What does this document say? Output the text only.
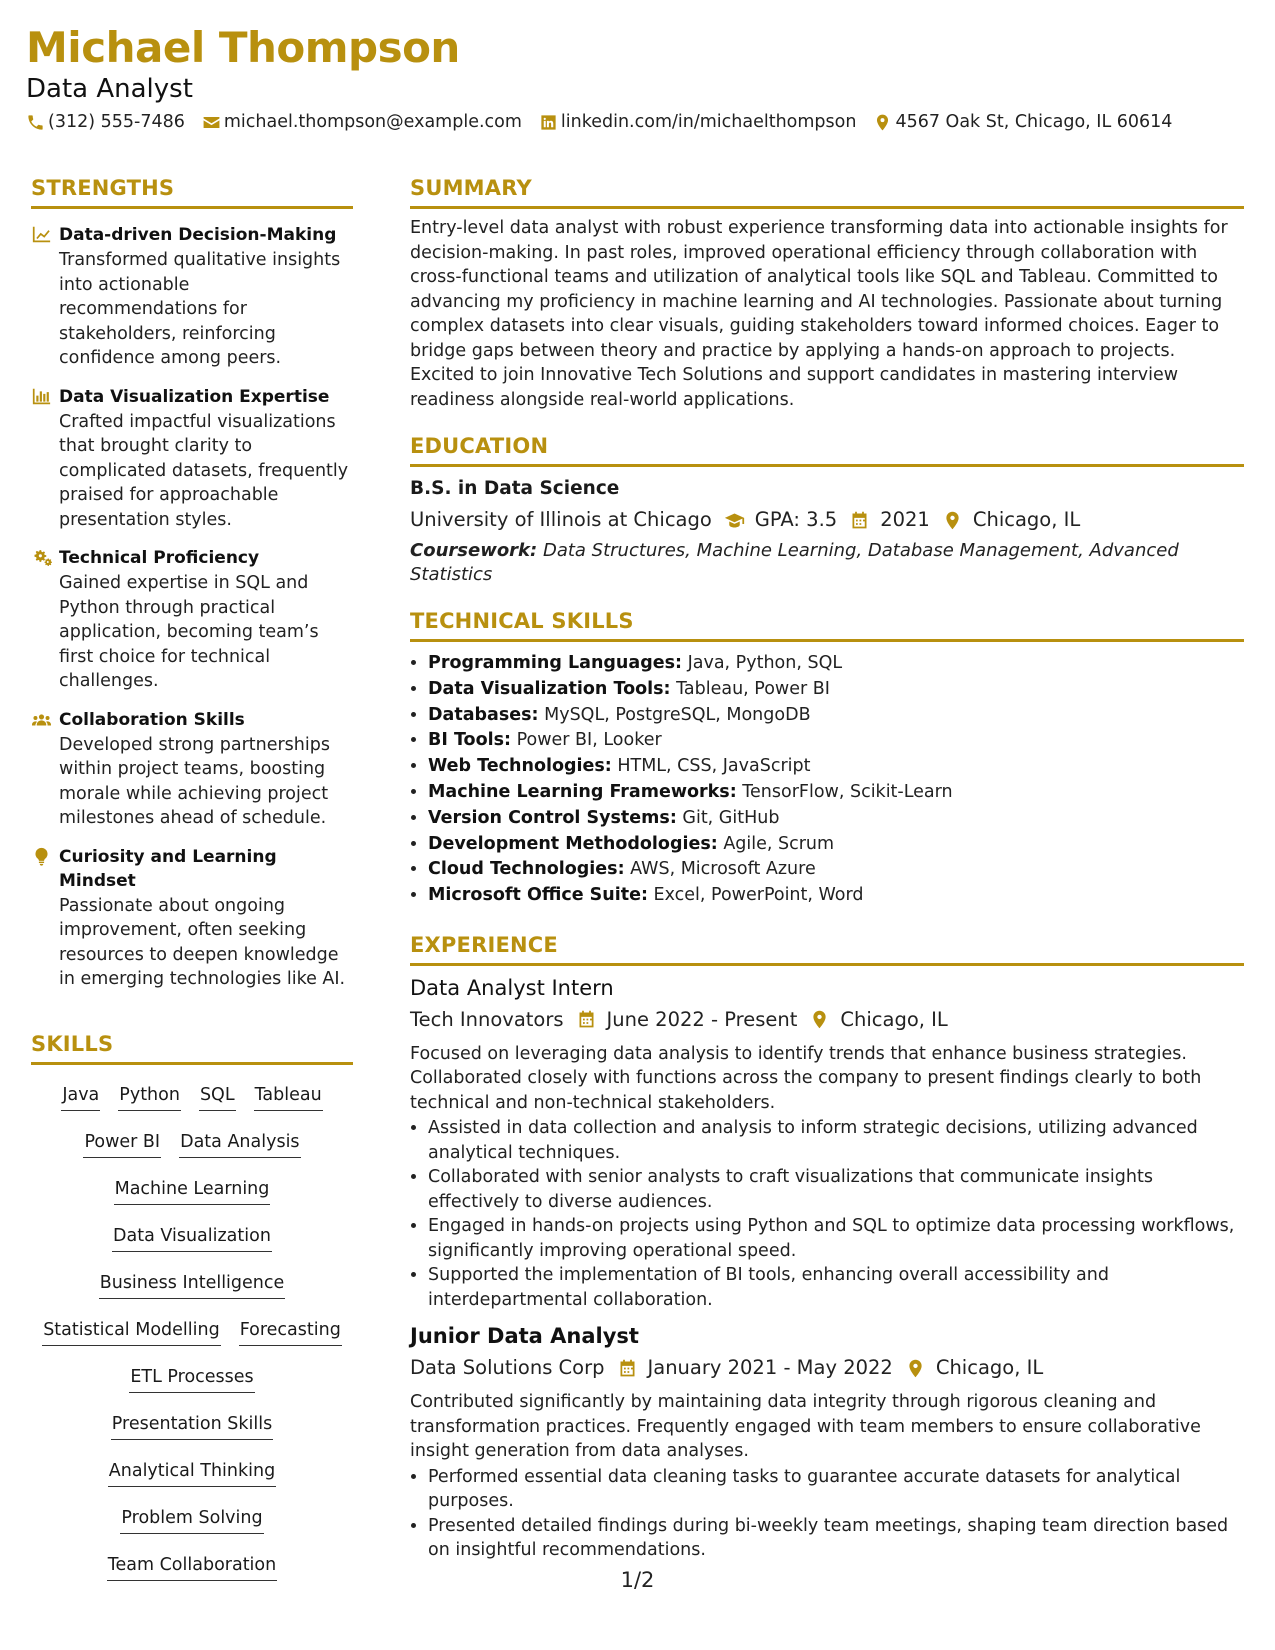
Michael Thompson
Data Analyst
(312) 555-7486 michael.thompson@example.com linkedin.com/in/michaelthompson 4567 Oak St, Chicago, IL 60614
STRENGTHS
Data-driven Decision-Making
Transformed qualitative insights into actionable recommendations for stakeholders, reinforcing confidence among peers.
Data Visualization Expertise
Crafted impactful visualizations that brought clarity to complicated datasets, frequently praised for approachable presentation styles.
Technical Proficiency
Gained expertise in SQL and Python through practical application, becoming team’s first choice for technical challenges.
Collaboration Skills
Developed strong partnerships within project teams, boosting morale while achieving project milestones ahead of schedule.
Curiosity and Learning Mindset
Passionate about ongoing improvement, often seeking resources to deepen knowledge in emerging technologies like AI.
SKILLS
Java Python SQL Tableau
Power BI Data Analysis
Machine Learning
Data Visualization
Business Intelligence
Statistical Modelling Forecasting
ETL Processes
Presentation Skills
Analytical Thinking
Problem Solving
Team Collaboration
SUMMARY
Entry-level data analyst with robust experience transforming data into actionable insights for decision-making. In past roles, improved operational efficiency through collaboration with cross-functional teams and utilization of analytical tools like SQL and Tableau. Committed to advancing my proficiency in machine learning and AI technologies. Passionate about turning complex datasets into clear visuals, guiding stakeholders toward informed choices. Eager to bridge gaps between theory and practice by applying a hands-on approach to projects. Excited to join Innovative Tech Solutions and support candidates in mastering interview readiness alongside real-world applications.
EDUCATION
B.S. in Data Science
University of Illinois at Chicago GPA: 3.5 2021 Chicago, IL
Coursework: Data Structures, Machine Learning, Database Management, Advanced Statistics
TECHNICAL SKILLS
• Programming Languages: Java, Python, SQL
• Data Visualization Tools: Tableau, Power BI
• Databases: MySQL, PostgreSQL, MongoDB
• BI Tools: Power BI, Looker
• Web Technologies: HTML, CSS, JavaScript
• Machine Learning Frameworks: TensorFlow, Scikit-Learn
• Version Control Systems: Git, GitHub
• Development Methodologies: Agile, Scrum
• Cloud Technologies: AWS, Microsoft Azure
• Microsoft Office Suite: Excel, PowerPoint, Word
EXPERIENCE
Data Analyst Intern
Tech Innovators June 2022 - Present Chicago, IL
Focused on leveraging data analysis to identify trends that enhance business strategies. Collaborated closely with functions across the company to present findings clearly to both technical and non-technical stakeholders.
• Assisted in data collection and analysis to inform strategic decisions, utilizing advanced analytical techniques.
• Collaborated with senior analysts to craft visualizations that communicate insights effectively to diverse audiences.
• Engaged in hands-on projects using Python and SQL to optimize data processing workflows, significantly improving operational speed.
• Supported the implementation of BI tools, enhancing overall accessibility and interdepartmental collaboration.
Junior Data Analyst
Data Solutions Corp January 2021 - May 2022 Chicago, IL
Contributed significantly by maintaining data integrity through rigorous cleaning and transformation practices. Frequently engaged with team members to ensure collaborative insight generation from data analyses.
• Performed essential data cleaning tasks to guarantee accurate datasets for analytical purposes.
• Presented detailed findings during bi-weekly team meetings, shaping team direction based on insightful recommendations.
1/2
